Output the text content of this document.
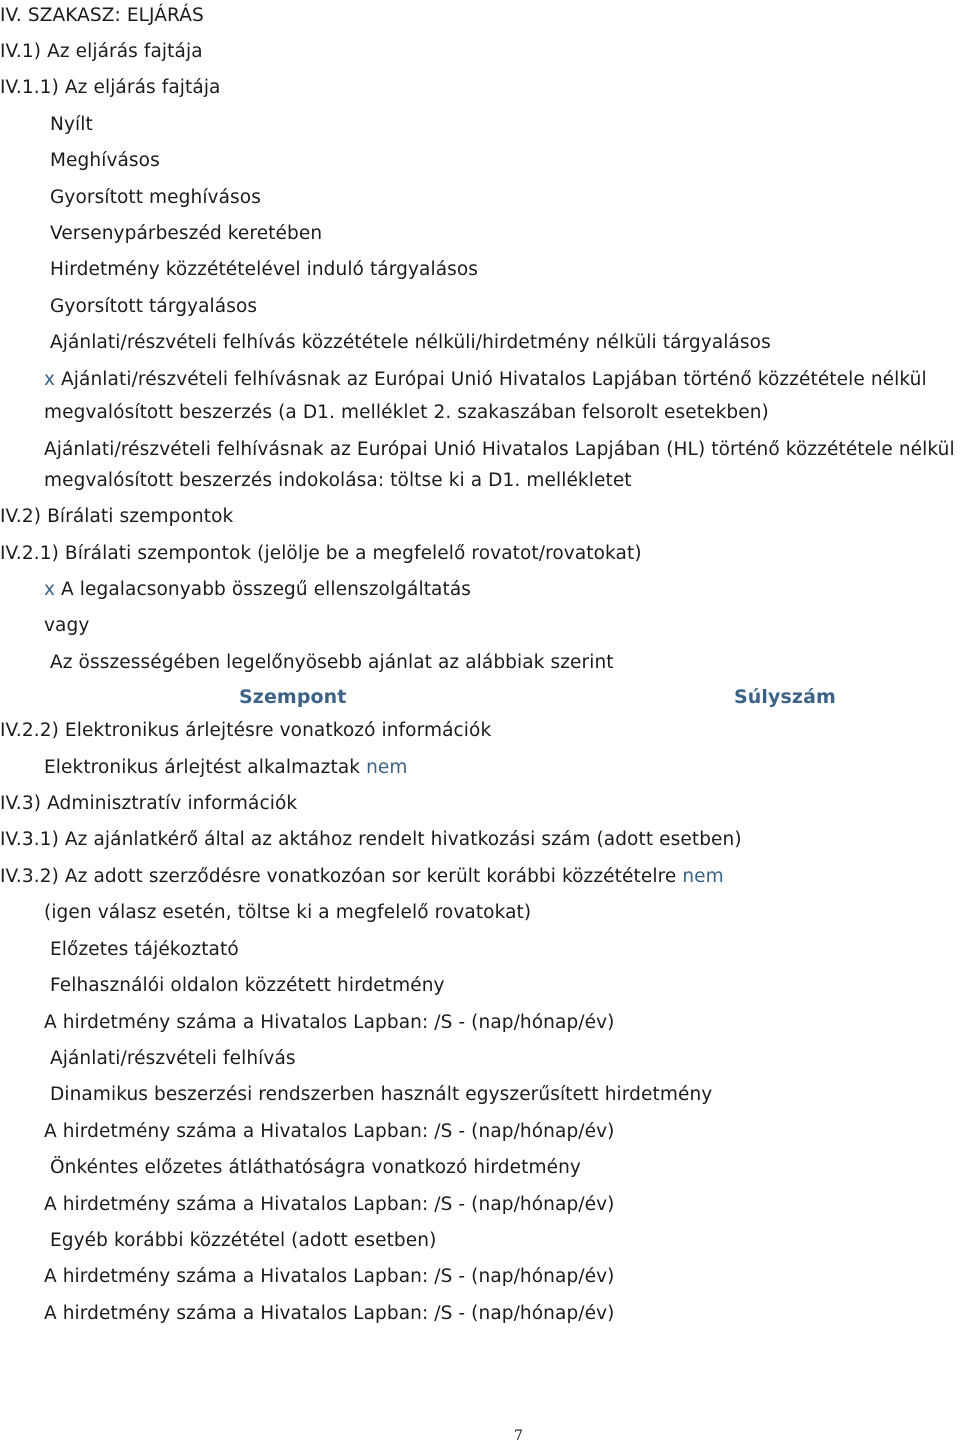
IV. SZAKASZ: ELJÁRÁS
IV.1) Az eljárás fajtája
IV.1.1) Az eljárás fajtája
Nyílt
Meghívásos
Gyorsított meghívásos
Versenypárbeszéd keretében
Hirdetmény közzétételével induló tárgyalásos
Gyorsított tárgyalásos
Ajánlati/részvételi felhívás közzététele nélküli/hirdetmény nélküli tárgyalásos
x Ajánlati/részvételi felhívásnak az Európai Unió Hivatalos Lapjában történő közzététele nélkül
megvalósított beszerzés (a D1. melléklet 2. szakaszában felsorolt esetekben)
Ajánlati/részvételi felhívásnak az Európai Unió Hivatalos Lapjában (HL) történő közzététele nélkül
megvalósított beszerzés indokolása: töltse ki a D1. mellékletet
IV.2) Bírálati szempontok
IV.2.1) Bírálati szempontok (jelölje be a megfelelő rovatot/rovatokat)
x A legalacsonyabb összegű ellenszolgáltatás
vagy
Az összességében legelőnyösebb ajánlat az alábbiak szerint
Szempont	Súlyszám
IV.2.2) Elektronikus árlejtésre vonatkozó információk
Elektronikus árlejtést alkalmaztak nem
IV.3) Adminisztratív információk
IV.3.1) Az ajánlatkérő által az aktához rendelt hivatkozási szám (adott esetben)
IV.3.2) Az adott szerződésre vonatkozóan sor került korábbi közzétételre nem
(igen válasz esetén, töltse ki a megfelelő rovatokat)
Előzetes tájékoztató
Felhasználói oldalon közzétett hirdetmény
A hirdetmény száma a Hivatalos Lapban: /S - (nap/hónap/év)
Ajánlati/részvételi felhívás
Dinamikus beszerzési rendszerben használt egyszerűsített hirdetmény
A hirdetmény száma a Hivatalos Lapban: /S - (nap/hónap/év)
Önkéntes előzetes átláthatóságra vonatkozó hirdetmény
A hirdetmény száma a Hivatalos Lapban: /S - (nap/hónap/év)
Egyéb korábbi közzététel (adott esetben)
A hirdetmény száma a Hivatalos Lapban: /S - (nap/hónap/év)
A hirdetmény száma a Hivatalos Lapban: /S - (nap/hónap/év)
7
